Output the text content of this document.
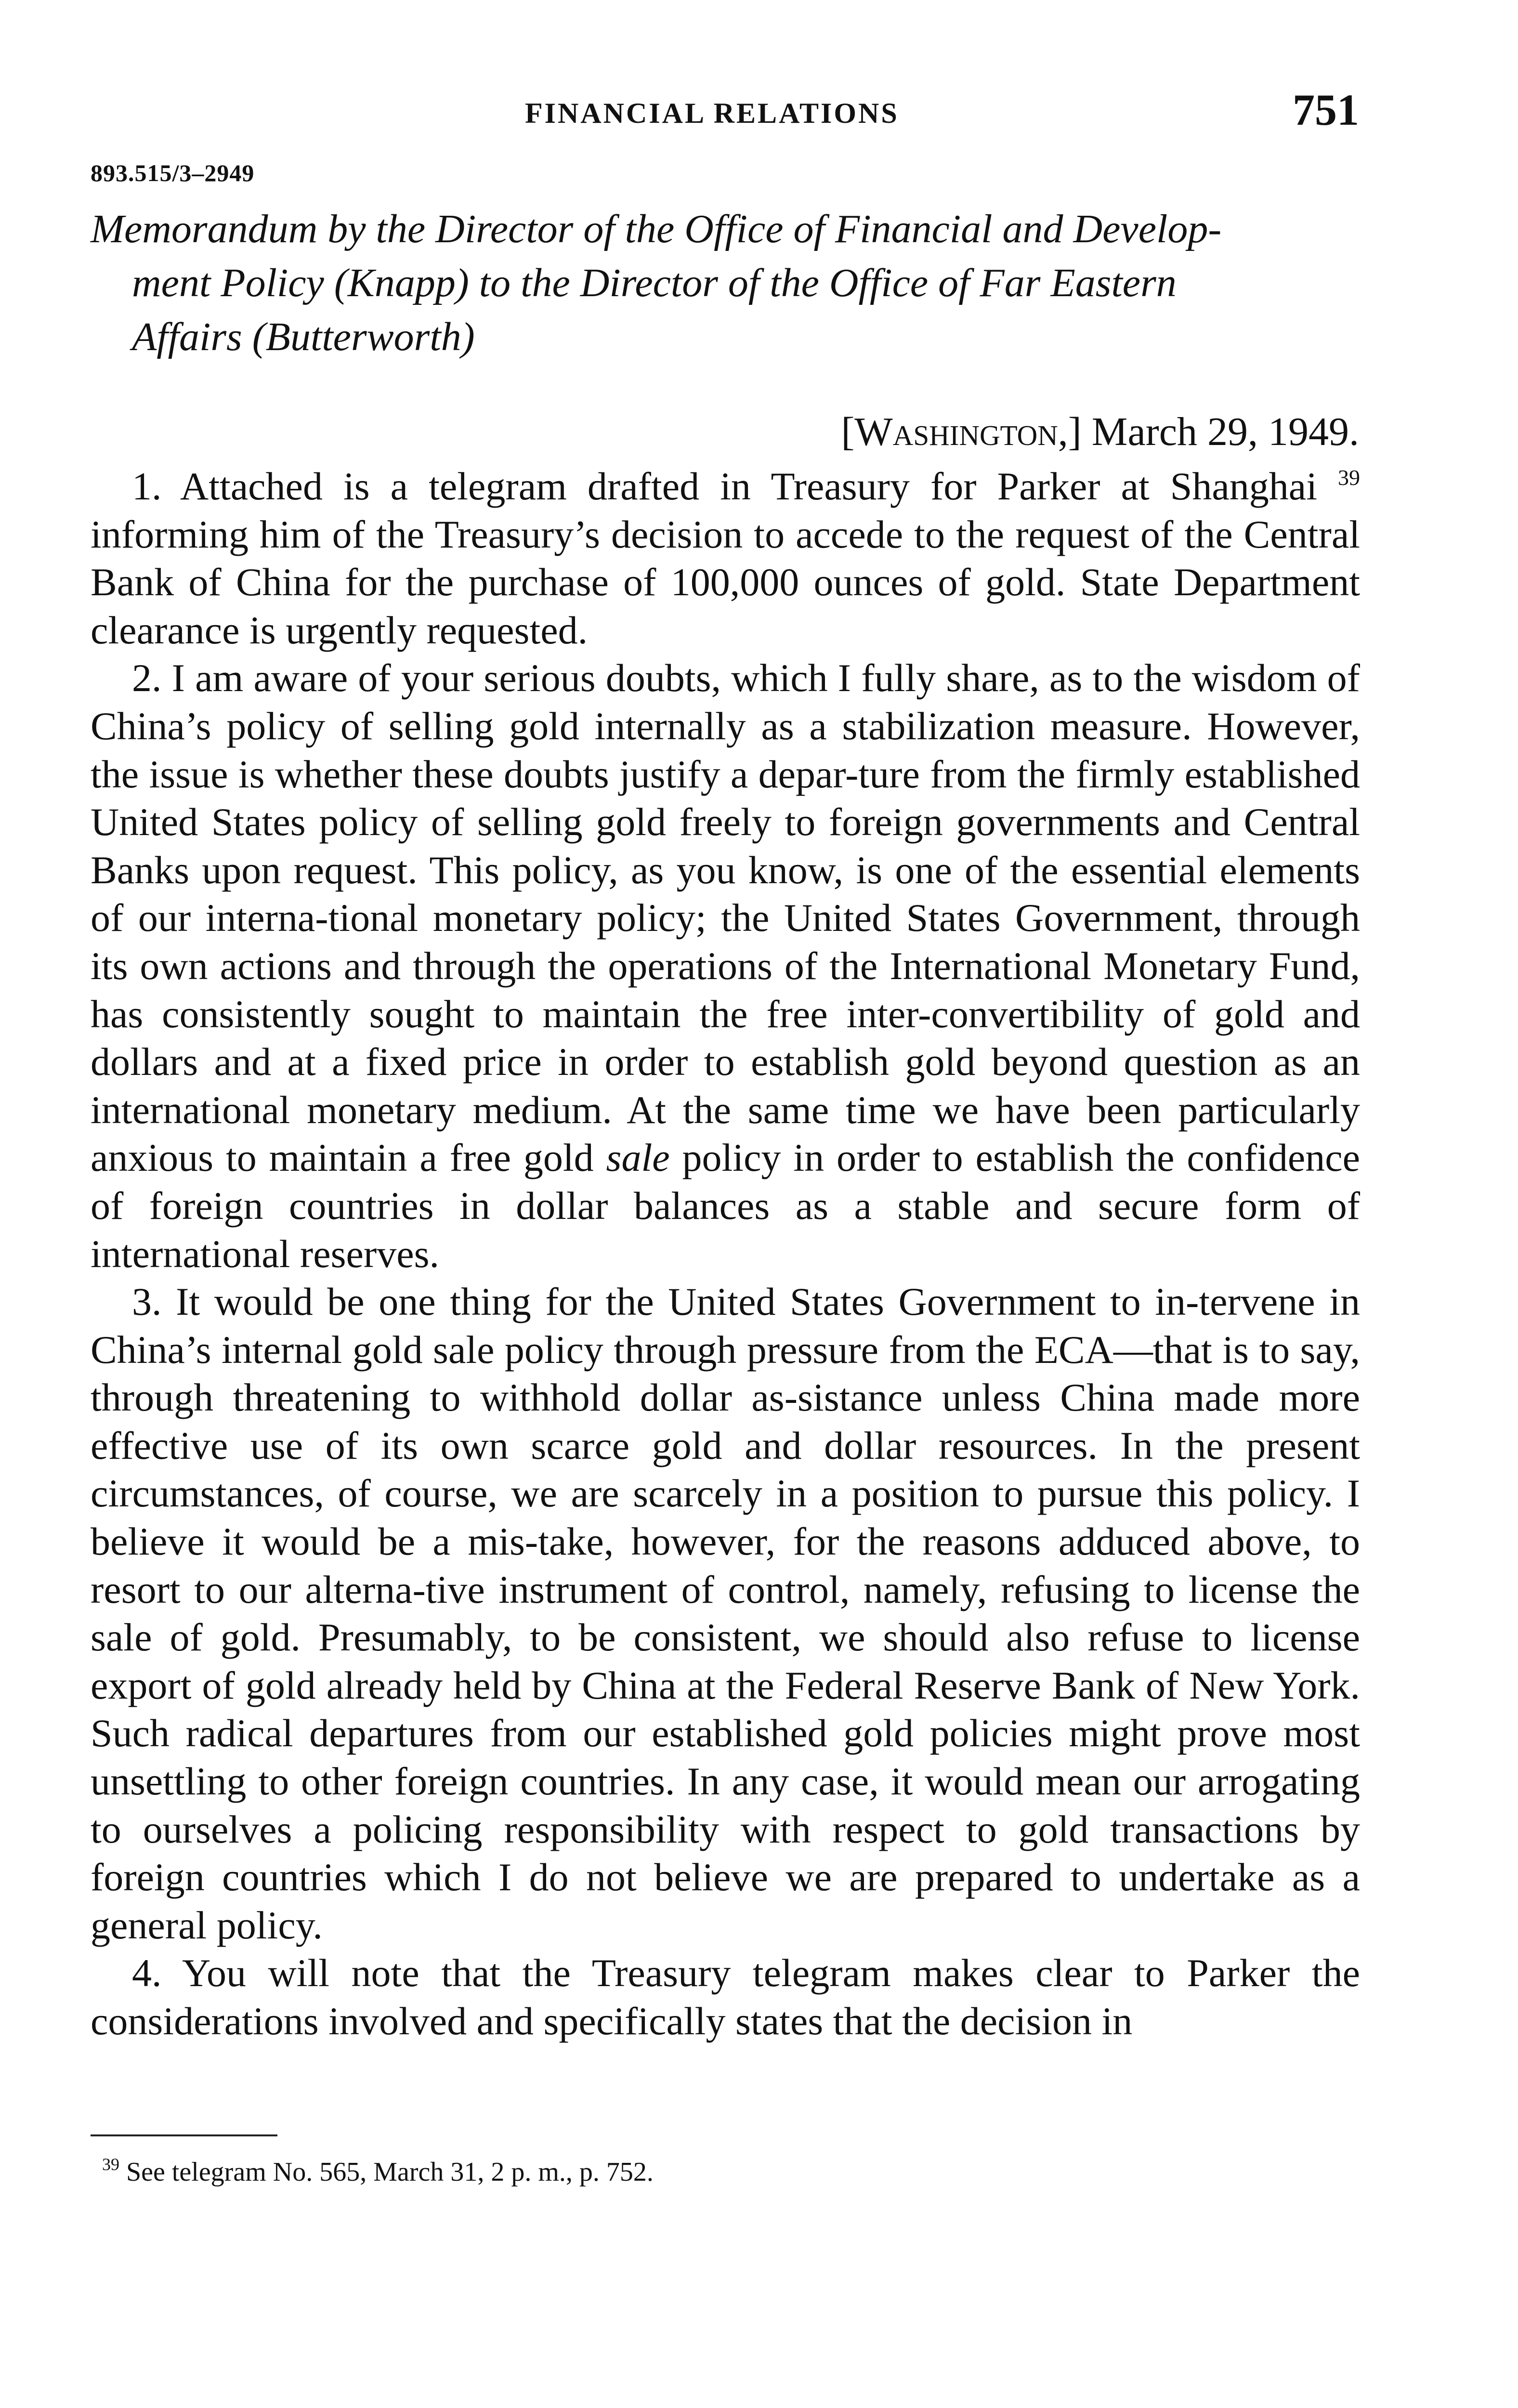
FINANCIAL RELATIONS	751
893.515/3–2949
Memorandum by the Director of the Office of Financial and Develop-
ment Policy (Knapp) to the Director of the Office of Far Eastern
Affairs (Butterworth)
[Washington,] March 29, 1949.

1. Attached is a telegram drafted in Treasury for Parker at Shanghai $^{39}$ informing him of the Treasury’s decision to accede to the request of the Central Bank of China for the purchase of 100,000 ounces of gold. State Department clearance is urgently requested.

2. I am aware of your serious doubts, which I fully share, as to the wisdom of China’s policy of selling gold internally as a stabilization measure. However, the issue is whether these doubts justify a depar-ture from the firmly established United States policy of selling gold freely to foreign governments and Central Banks upon request. This policy, as you know, is one of the essential elements of our interna-tional monetary policy; the United States Government, through its own actions and through the operations of the International Monetary Fund, has consistently sought to maintain the free inter-convertibility of gold and dollars and at a fixed price in order to establish gold beyond question as an international monetary medium. At the same time we have been particularly anxious to maintain a free gold sale policy in order to establish the confidence of foreign countries in dollar balances as a stable and secure form of international reserves.

3. It would be one thing for the United States Government to in-tervene in China’s internal gold sale policy through pressure from the ECA—that is to say, through threatening to withhold dollar as-sistance unless China made more effective use of its own scarce gold and dollar resources. In the present circumstances, of course, we are scarcely in a position to pursue this policy. I believe it would be a mis-take, however, for the reasons adduced above, to resort to our alterna-tive instrument of control, namely, refusing to license the sale of gold. Presumably, to be consistent, we should also refuse to license export of gold already held by China at the Federal Reserve Bank of New York. Such radical departures from our established gold policies might prove most unsettling to other foreign countries. In any case, it would mean our arrogating to ourselves a policing responsibility with respect to gold transactions by foreign countries which I do not believe we are prepared to undertake as a general policy.

4. You will note that the Treasury telegram makes clear to Parker the considerations involved and specifically states that the decision in

$^{39}$ See telegram No. 565, March 31, 2 p. m., p. 752.
